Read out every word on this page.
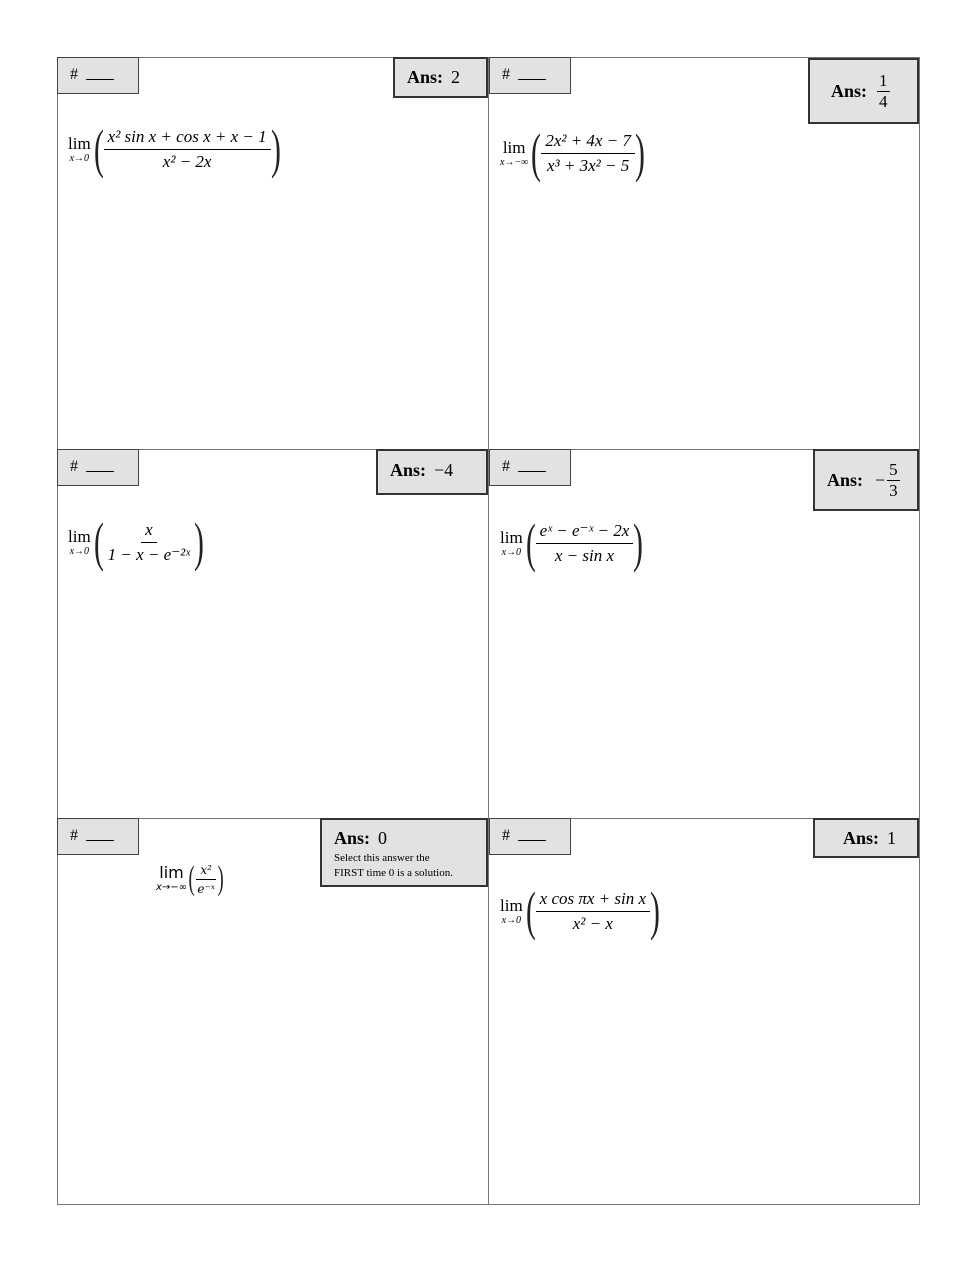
#	Ans: 2
lim
x→0 ( $\frac{\text{x² sin x + cos x + x − 1}}{\text{x² − 2x}}$ )
#
Ans: $\frac{1}{4}$
lim
x→−∞ ( $\frac{\text{2x² + 4x − 7}}{\text{x³ + 3x² − 5}}$ )
#	Ans: −4
lim
x→0 ( $\frac{x}{\text{1 − x − e⁻²ˣ}}$ )
#
Ans: − $\frac{5}{3}$
lim
x→0 ( $\frac{\text{eˣ − e⁻ˣ − 2x}}{\text{x − sin x}}$ )
#	Ans: 0
Select this answer the
FIRST time 0 is a solution.
lim
x→−∞ (
$\frac{\text{x²}}{\text{e⁻ˣ}}$
)
#	Ans: 1
lim
x→0 ( $\frac{\text{x cos πx + sin x}}{\text{x² − x}}$ )
